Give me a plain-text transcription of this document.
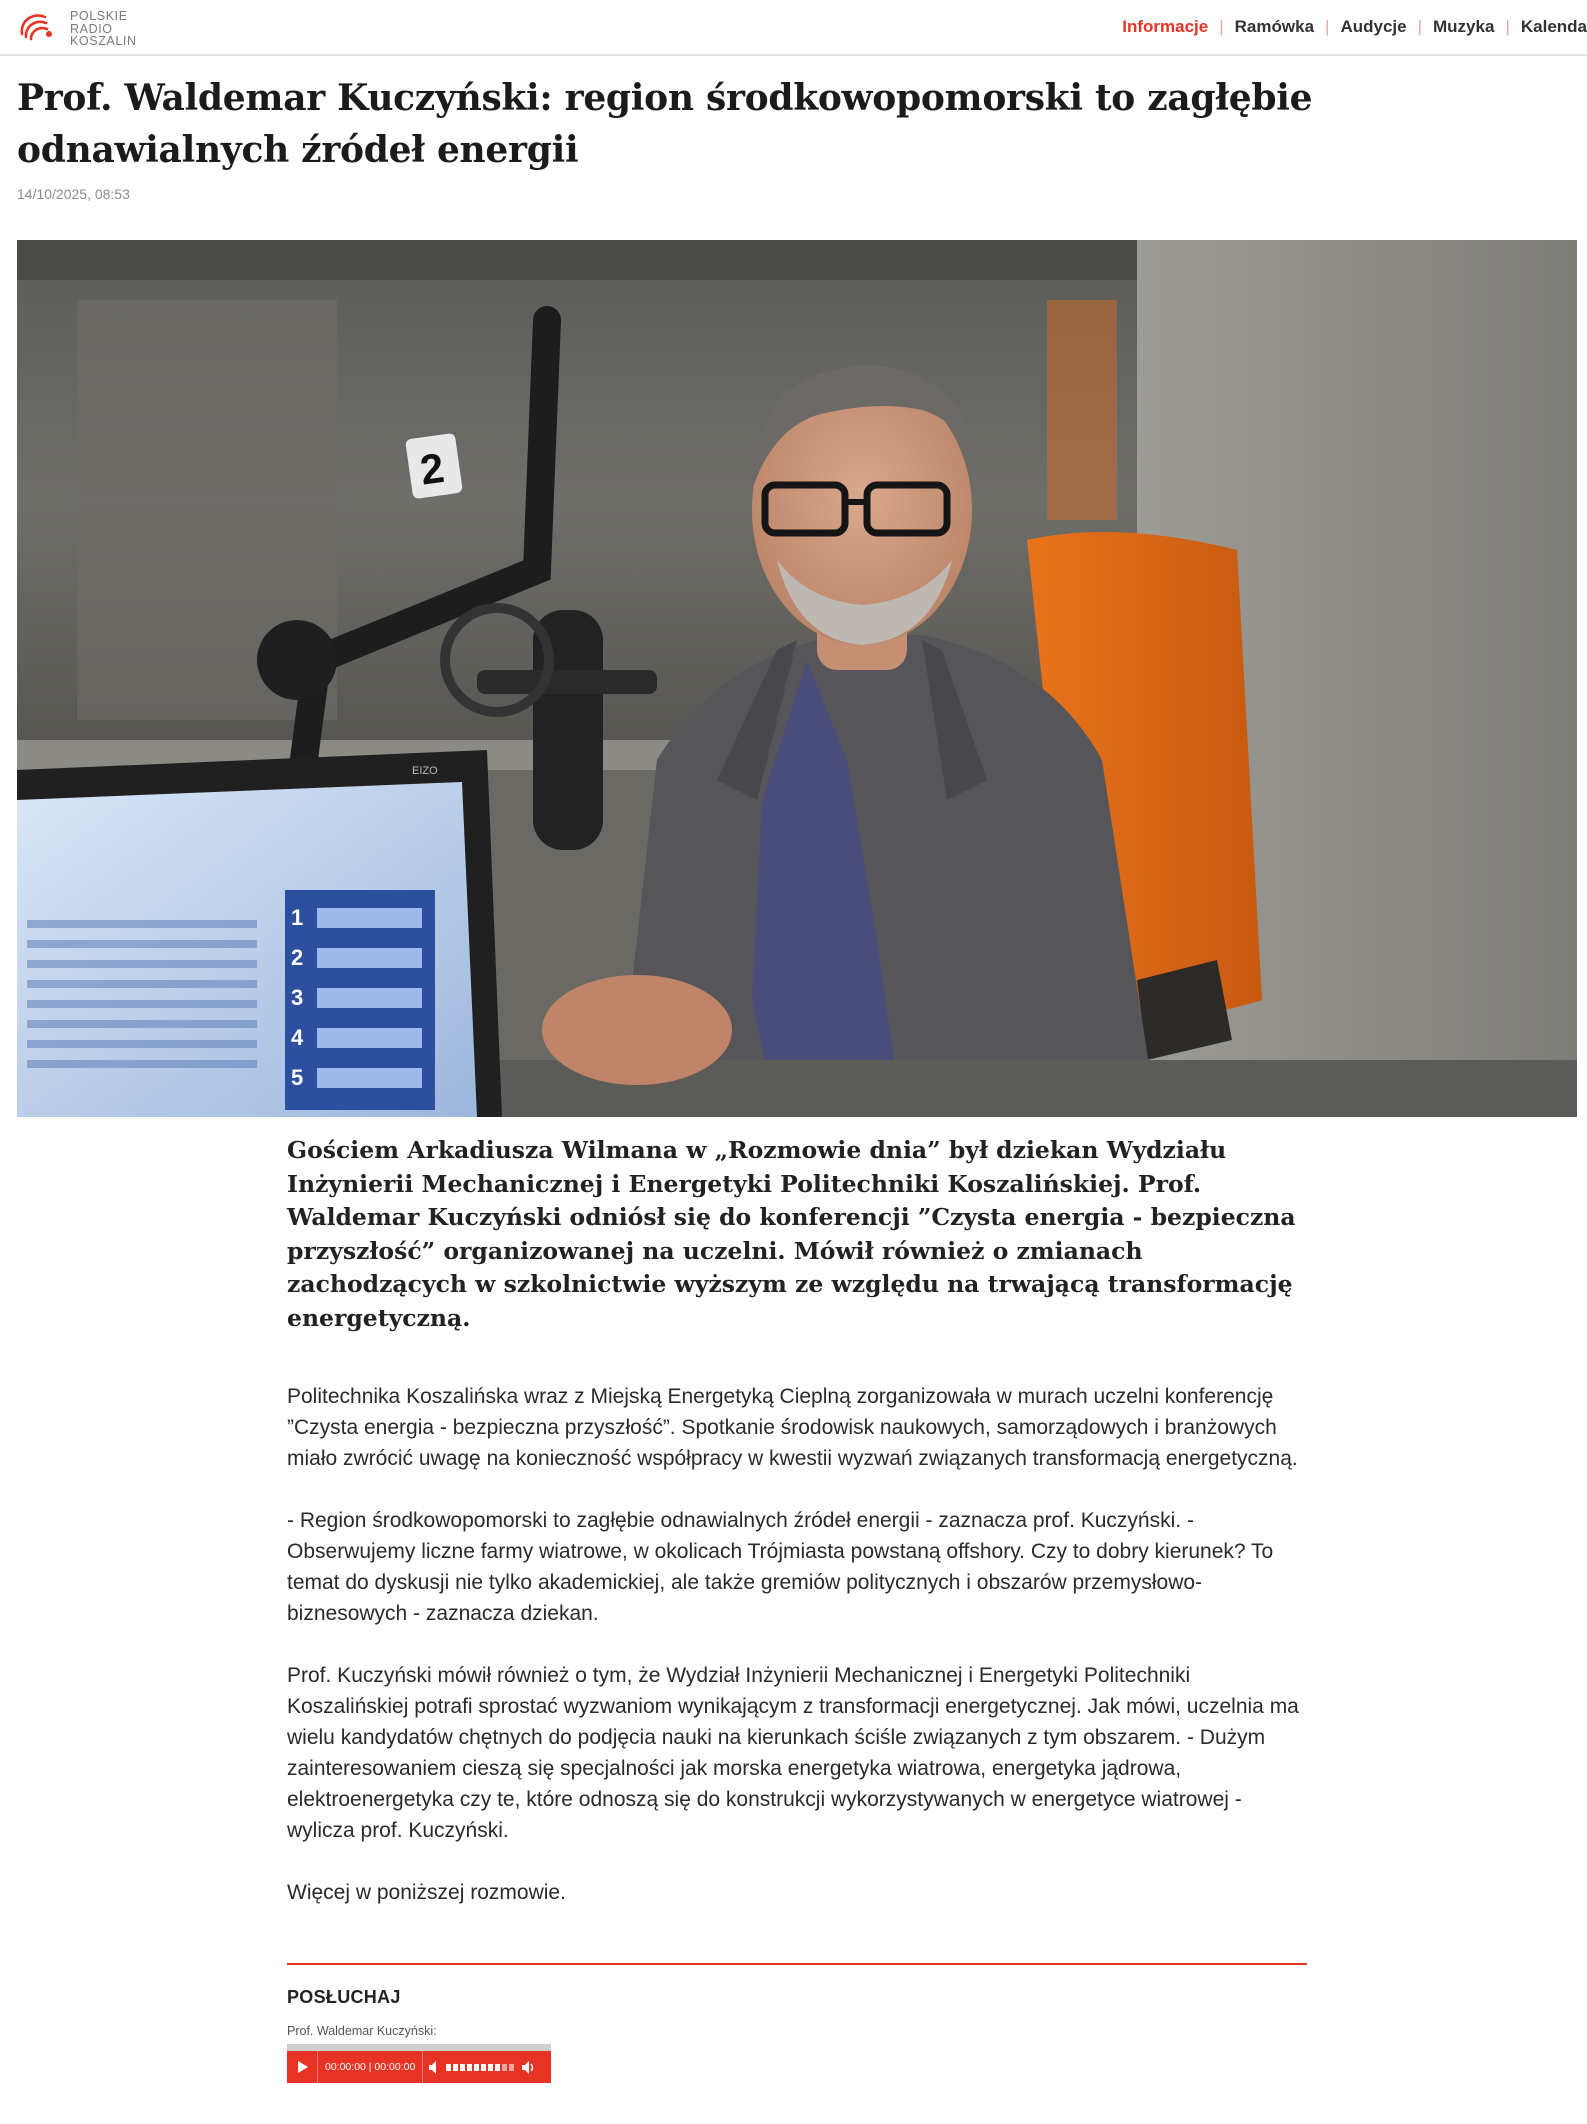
POLSKIE
RADIO
KOSZALIN
Informacje | Ramówka | Audycje | Muzyka | Kalenda
Prof. Waldemar Kuczyński: region środkowopomorski to zagłębie odnawialnych źródeł energii
14/10/2025, 08:53
2
EIZO
1
2
3
4
5

Gościem Arkadiusza Wilmana w „Rozmowie dnia” był dziekan Wydziału Inżynierii Mechanicznej i Energetyki Politechniki Koszalińskiej. Prof. Waldemar Kuczyński odniósł się do konferencji ”Czysta energia - bezpieczna przyszłość” organizowanej na uczelni. Mówił również o zmianach zachodzących w szkolnictwie wyższym ze względu na trwającą transformację energetyczną.

Politechnika Koszalińska wraz z Miejską Energetyką Cieplną zorganizowała w murach uczelni konferencję ”Czysta energia - bezpieczna przyszłość”. Spotkanie środowisk naukowych, samorządowych i branżowych miało zwrócić uwagę na konieczność współpracy w kwestii wyzwań związanych transformacją energetyczną.

- Region środkowopomorski to zagłębie odnawialnych źródeł energii - zaznacza prof. Kuczyński. - Obserwujemy liczne farmy wiatrowe, w okolicach Trójmiasta powstaną offshory. Czy to dobry kierunek? To temat do dyskusji nie tylko akademickiej, ale także gremiów politycznych i obszarów przemysłowo-biznesowych - zaznacza dziekan.

Prof. Kuczyński mówił również o tym, że Wydział Inżynierii Mechanicznej i Energetyki Politechniki Koszalińskiej potrafi sprostać wyzwaniom wynikającym z transformacji energetycznej. Jak mówi, uczelnia ma wielu kandydatów chętnych do podjęcia nauki na kierunkach ściśle związanych z tym obszarem. - Dużym zainteresowaniem cieszą się specjalności jak morska energetyka wiatrowa, energetyka jądrowa, elektroenergetyka czy te, które odnoszą się do konstrukcji wykorzystywanych w energetyce wiatrowej - wylicza prof. Kuczyński.

Więcej w poniższej rozmowie.

POSŁUCHAJ
Prof. Waldemar Kuczyński:
00:00:00 | 00:00:00
